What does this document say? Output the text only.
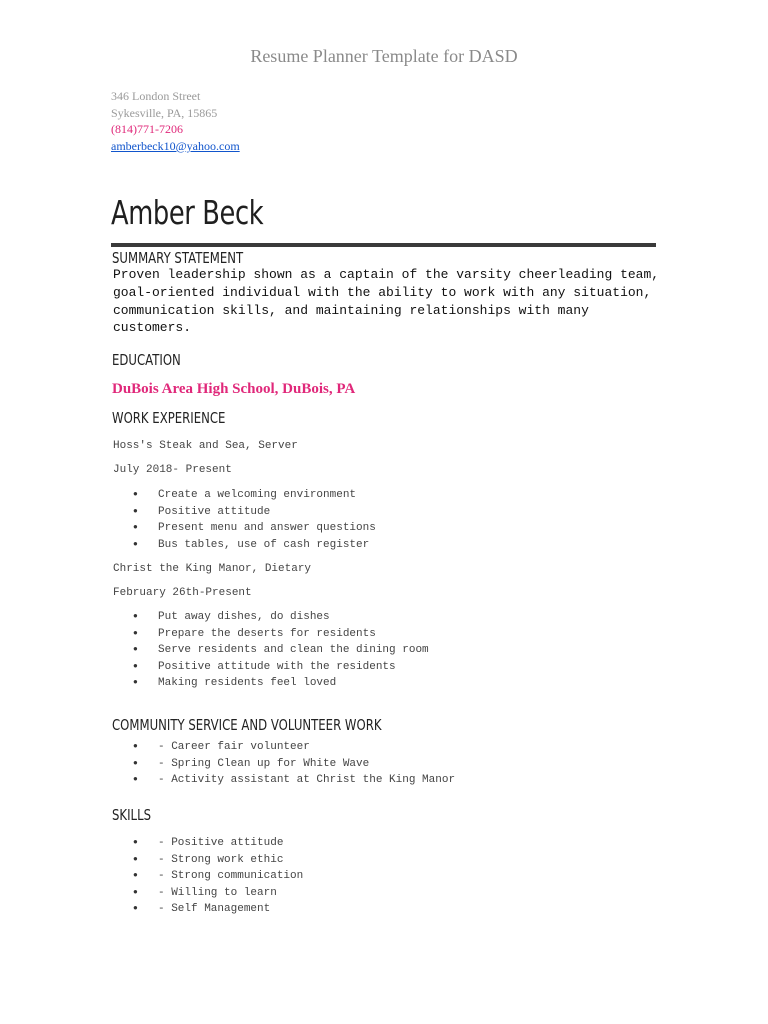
Resume Planner Template for DASD
346 London Street
Sykesville, PA, 15865
(814)771-7206
amberbeck10@yahoo.com
Amber Beck
SUMMARY STATEMENT
Proven leadership shown as a captain of the varsity cheerleading team,
goal-oriented individual with the ability to work with any situation,
communication skills, and maintaining relationships with many customers.
EDUCATION
DuBois Area High School, DuBois, PA
WORK EXPERIENCE
Hoss's Steak and Sea, Server
July 2018- Present
● Create a welcoming environment
● Positive attitude
● Present menu and answer questions
● Bus tables, use of cash register
Christ the King Manor, Dietary
February 26th-Present
● Put away dishes, do dishes
● Prepare the deserts for residents
● Serve residents and clean the dining room
● Positive attitude with the residents
● Making residents feel loved
COMMUNITY SERVICE AND VOLUNTEER WORK
● - Career fair volunteer
● - Spring Clean up for White Wave
● - Activity assistant at Christ the King Manor
SKILLS
● - Positive attitude
● - Strong work ethic
● - Strong communication
● - Willing to learn
● - Self Management
